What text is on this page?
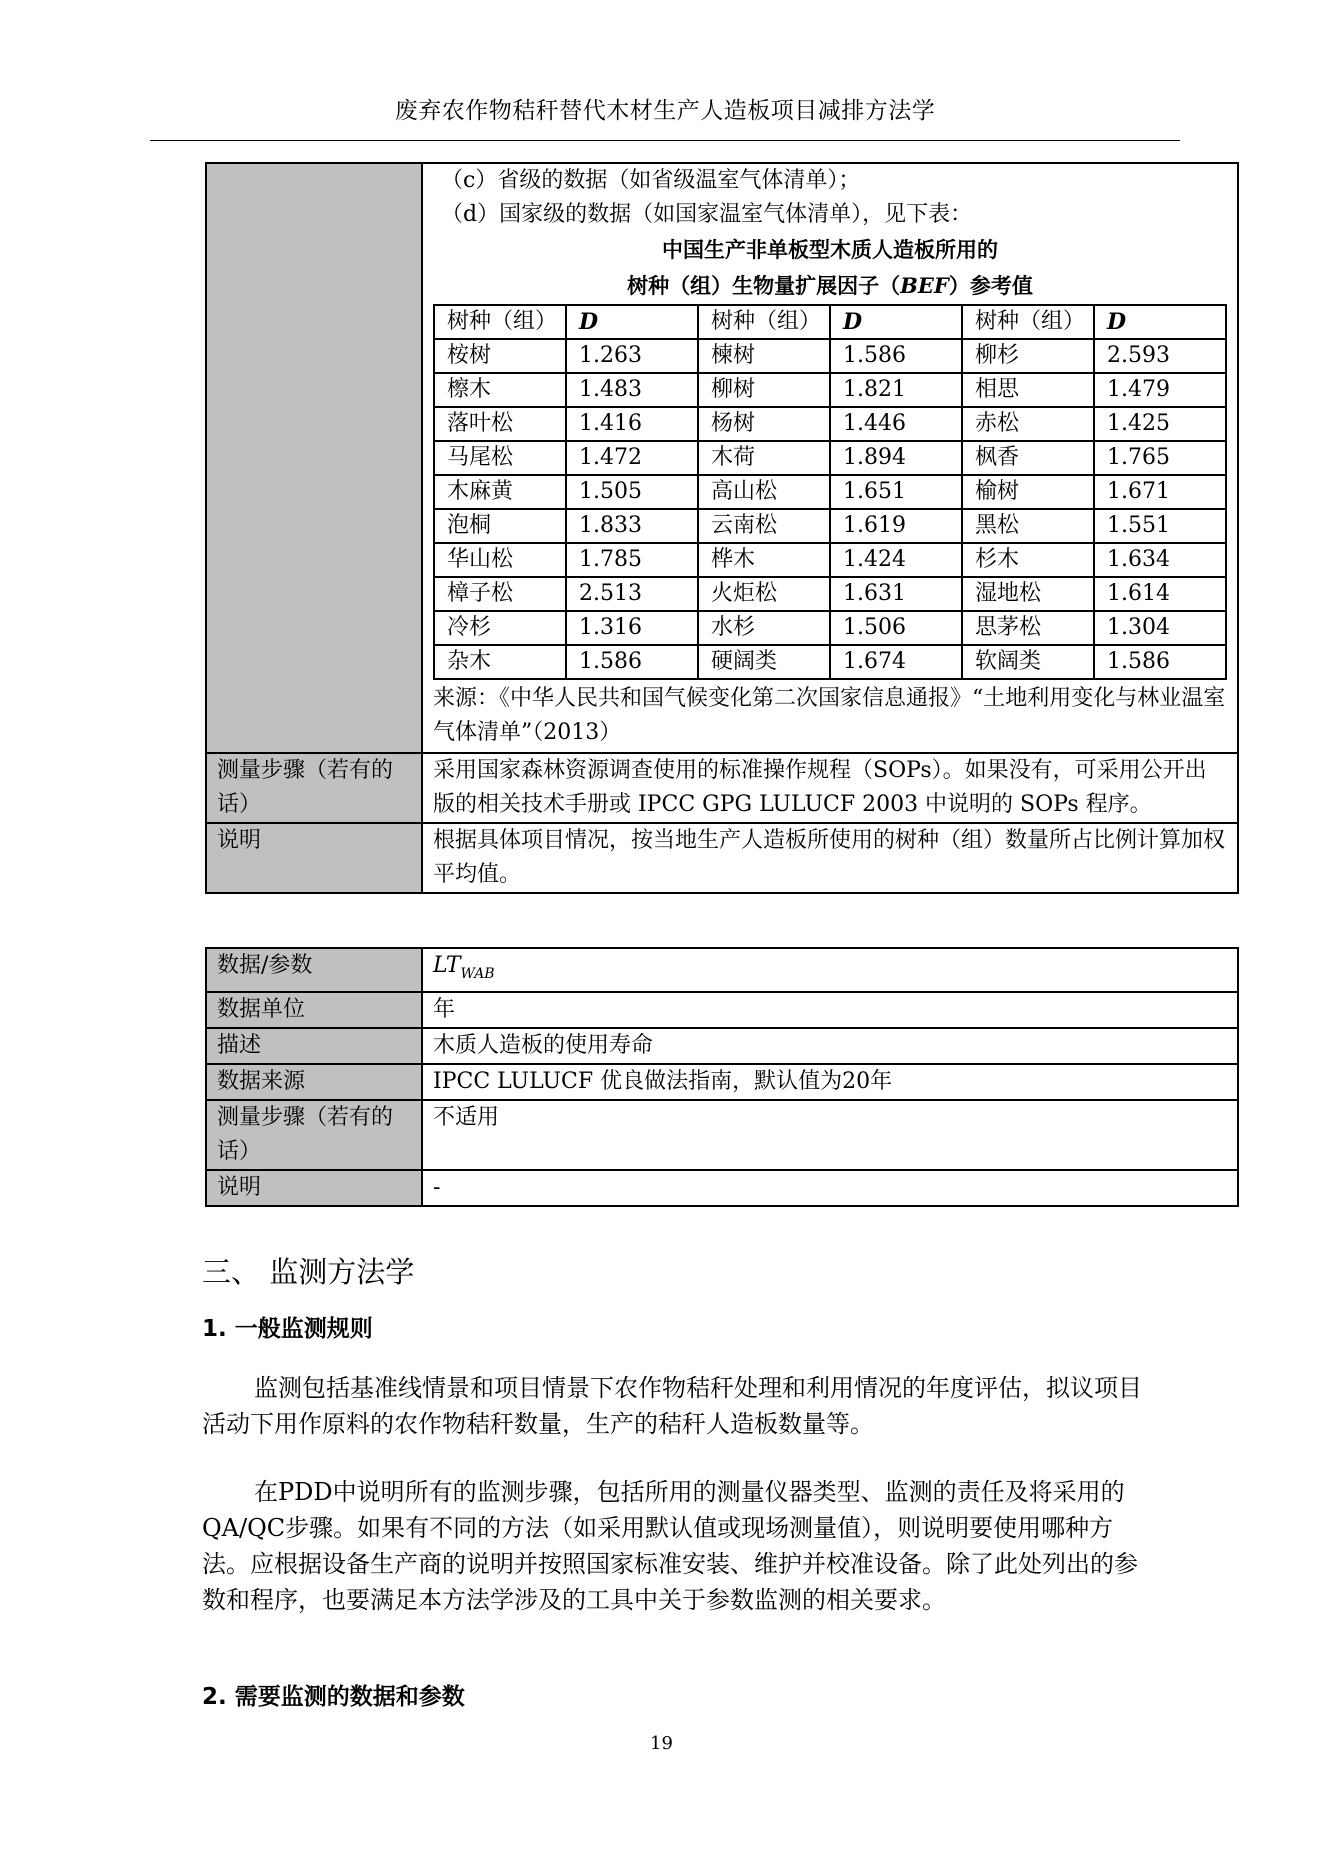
废弃农作物秸秆替代木材生产人造板项目减排方法学

（c）省级的数据（如省级温室气体清单）；
（d）国家级的数据（如国家温室气体清单），见下表：
中国生产非单板型木质人造板所用的
树种（组）生物量扩展因子（BEF）参考值
树种（组）	D	树种（组）	D	树种（组）	D
桉树	1.263	楝树	1.586	柳杉	2.593
檫木	1.483	柳树	1.821	相思	1.479
落叶松	1.416	杨树	1.446	赤松	1.425
马尾松	1.472	木荷	1.894	枫香	1.765
木麻黄	1.505	高山松	1.651	榆树	1.671
泡桐	1.833	云南松	1.619	黑松	1.551
华山松	1.785	桦木	1.424	杉木	1.634
樟子松	2.513	火炬松	1.631	湿地松	1.614
冷杉	1.316	水杉	1.506	思茅松	1.304
杂木	1.586	硬阔类	1.674	软阔类	1.586
来源：《中华人民共和国气候变化第二次国家信息通报》“土地利用变化与林业温室气体清单”（2013）

测量步骤（若有的话）	采用国家森林资源调查使用的标准操作规程（SOPs）。如果没有，可采用公开出版的相关技术手册或 IPCC GPG LULUCF 2003 中说明的 SOPs 程序。
说明	根据具体项目情况，按当地生产人造板所使用的树种（组）数量所占比例计算加权平均值。
数据/参数	$LT_{WAB}$
数据单位	年
描述	木质人造板的使用寿命
数据来源	IPCC LULUCF 优良做法指南，默认值为20年
测量步骤（若有的话）	不适用
说明	-
三、 监测方法学
1. 一般监测规则
监测包括基准线情景和项目情景下农作物秸秆处理和利用情况的年度评估，拟议项目活动下用作原料的农作物秸秆数量，生产的秸秆人造板数量等。
在PDD中说明所有的监测步骤，包括所用的测量仪器类型、监测的责任及将采用的QA/QC步骤。如果有不同的方法（如采用默认值或现场测量值），则说明要使用哪种方法。应根据设备生产商的说明并按照国家标准安装、维护并校准设备。除了此处列出的参数和程序，也要满足本方法学涉及的工具中关于参数监测的相关要求。
2. 需要监测的数据和参数
19
